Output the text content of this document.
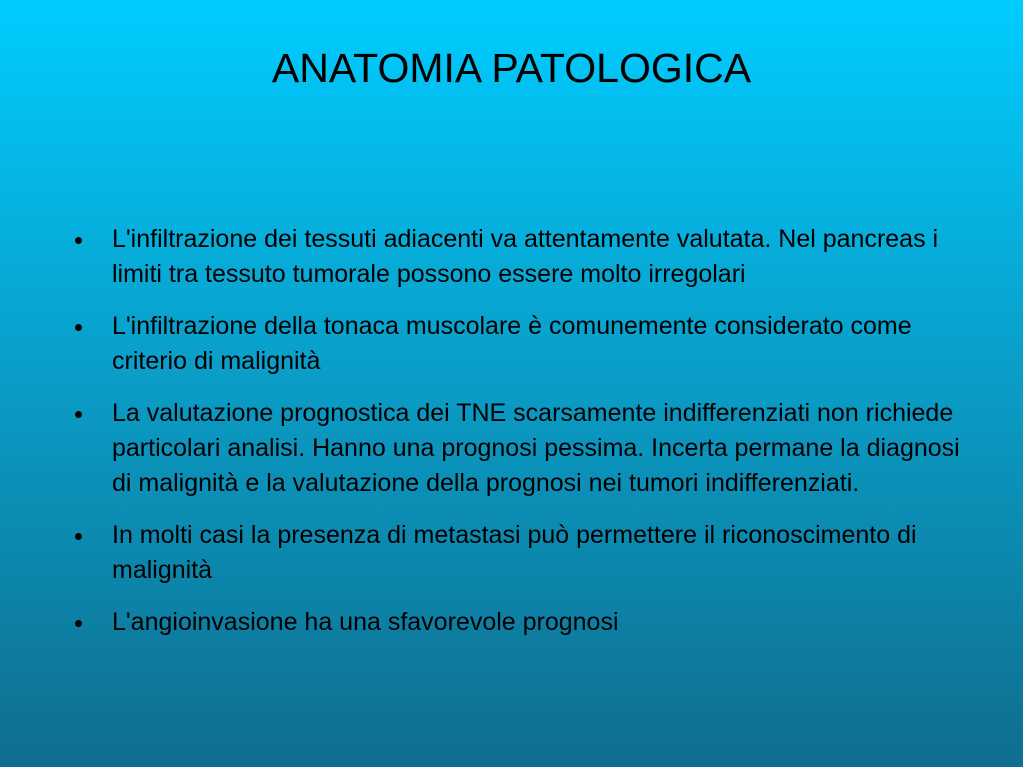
ANATOMIA PATOLOGICA
L'infiltrazione dei tessuti adiacenti va attentamente valutata. Nel pancreas i limiti tra tessuto tumorale possono essere molto irregolari
L'infiltrazione della tonaca muscolare è comunemente considerato come criterio di malignità
La valutazione prognostica dei TNE scarsamente indifferenziati non richiede particolari analisi. Hanno una prognosi pessima. Incerta permane la diagnosi di malignità e la valutazione della prognosi nei tumori indifferenziati.
In molti casi la presenza di metastasi può permettere il riconoscimento di malignità
L'angioinvasione ha una sfavorevole prognosi
